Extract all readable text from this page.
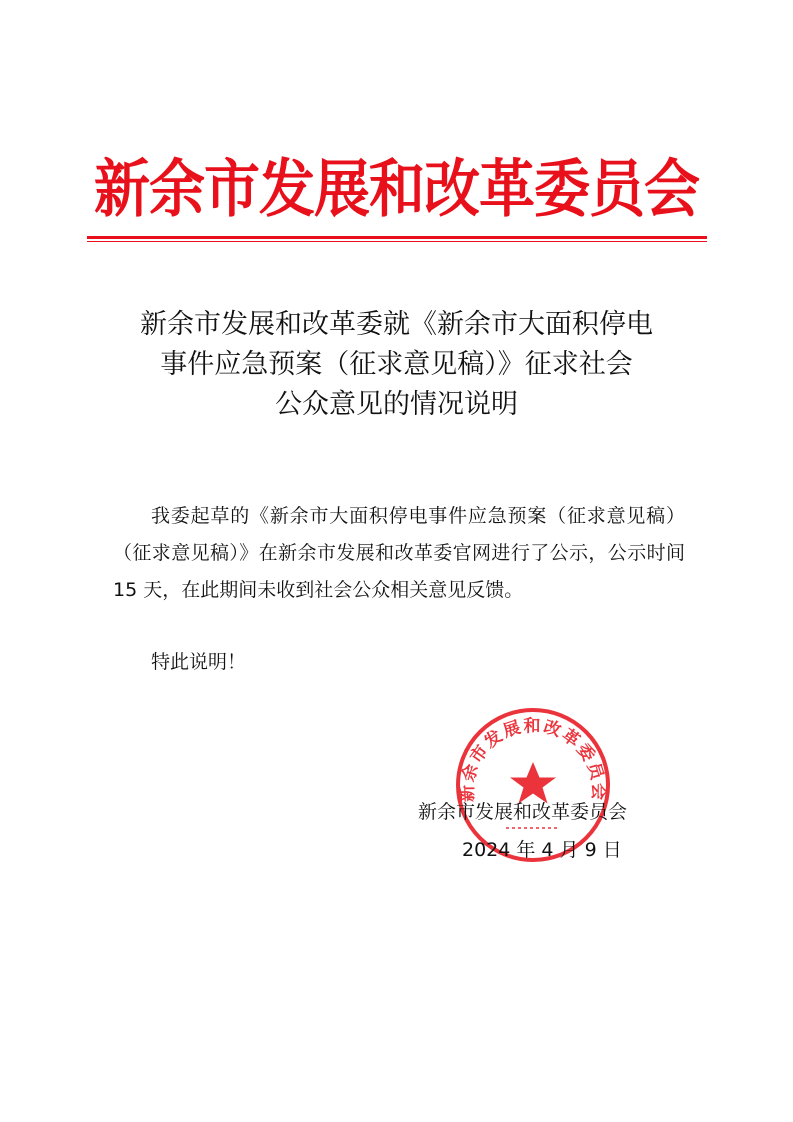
新余市发展和改革委员会
新余市发展和改革委就《新余市大面积停电
事件应急预案（征求意见稿）》征求社会
公众意见的情况说明

我委起草的《新余市大面积停电事件应急预案（征求意见稿）（征求意见稿）》在新余市发展和改革委官网进行了公示，公示时间 15 天，在此期间未收到社会公众相关意见反馈。

特此说明！
新余市发展和改革委员会
新余市发展和改革委员会
2024 年 4 月 9 日
